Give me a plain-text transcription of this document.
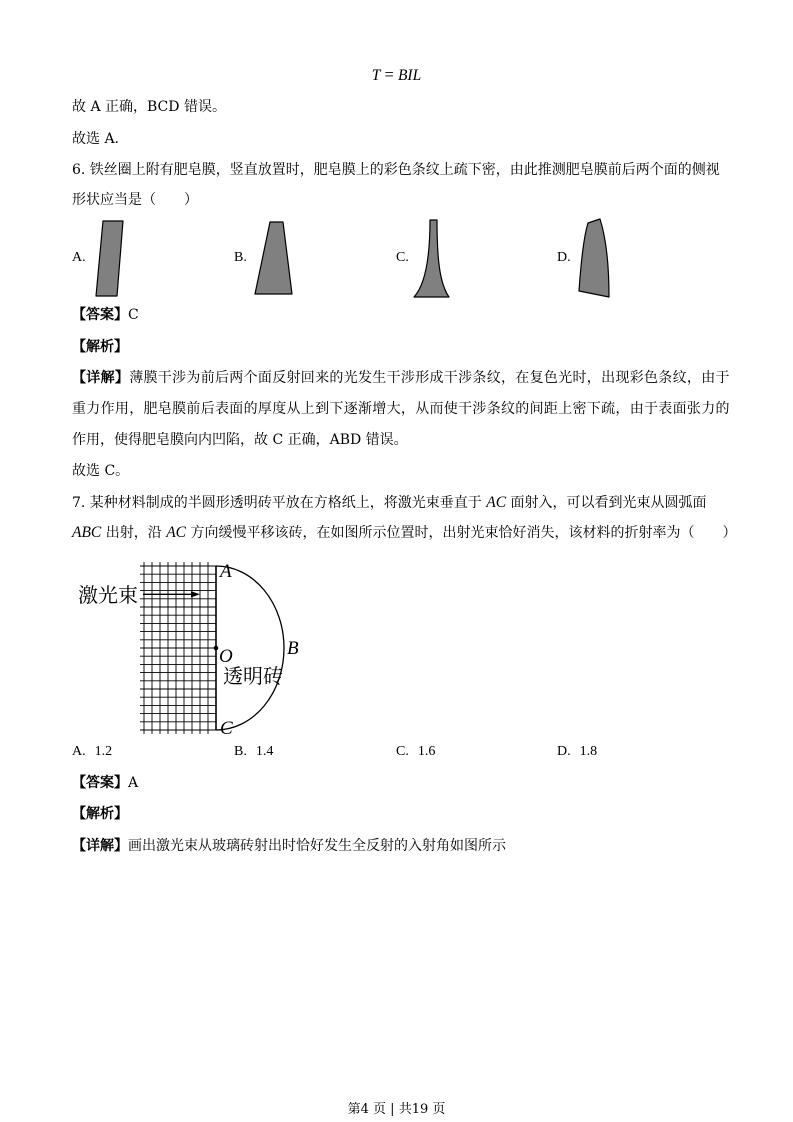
激光束
透明砖
A
B
O
C
T = BIL
故 A 正确，BCD 错误。
故选 A.
6. 铁丝圈上附有肥皂膜，竖直放置时，肥皂膜上的彩色条纹上疏下密，由此推测肥皂膜前后两个面的侧视
形状应当是（　　）
A.	B.	C.	D.
【答案】C
【解析】
【详解】薄膜干涉为前后两个面反射回来的光发生干涉形成干涉条纹，在复色光时，出现彩色条纹，由于
重力作用，肥皂膜前后表面的厚度从上到下逐渐增大，从而使干涉条纹的间距上密下疏，由于表面张力的
作用，使得肥皂膜向内凹陷，故 C 正确，ABD 错误。
故选 C。
7. 某种材料制成的半圆形透明砖平放在方格纸上，将激光束垂直于 AC 面射入，可以看到光束从圆弧面
ABC 出射，沿 AC 方向缓慢平移该砖，在如图所示位置时，出射光束恰好消失，该材料的折射率为（　　）
A. 1.2	B. 1.4	C. 1.6	D. 1.8
【答案】A
【解析】
【详解】画出激光束从玻璃砖射出时恰好发生全反射的入射角如图所示
第4 页 | 共19 页
